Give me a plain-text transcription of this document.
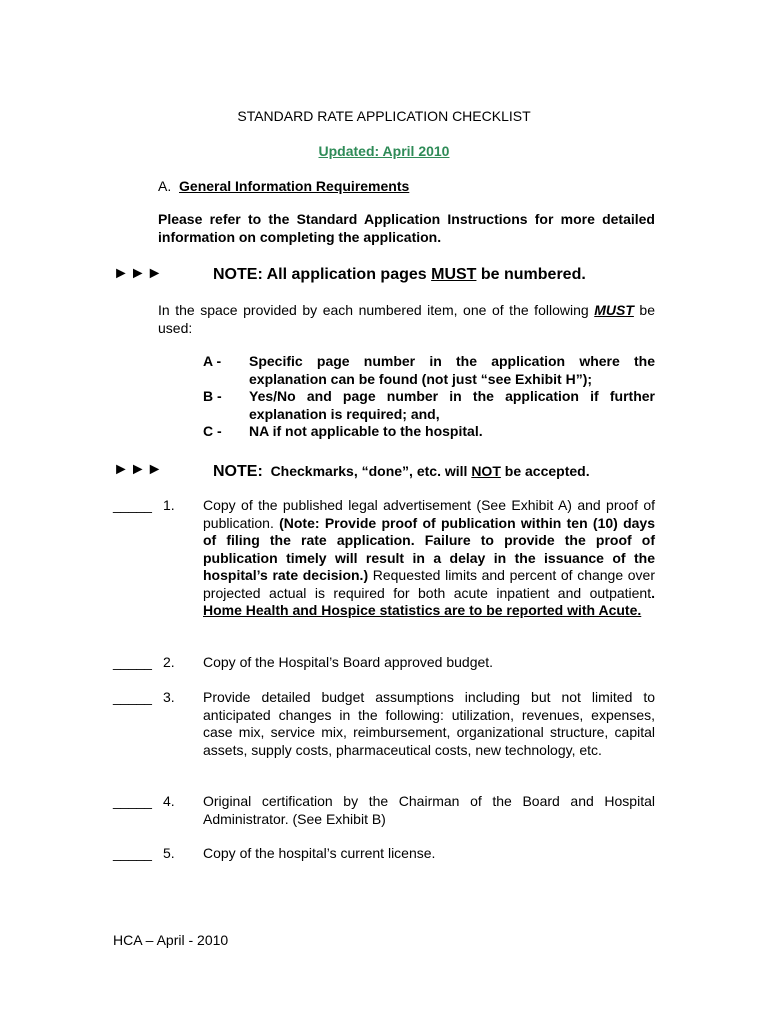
STANDARD RATE APPLICATION CHECKLIST
Updated: April 2010
A. General Information Requirements
Please refer to the Standard Application Instructions for more detailed information on completing the application.
►►►	NOTE: All application pages MUST be numbered.
In the space provided by each numbered item, one of the following MUST be used:
A - Specific page number in the application where the explanation can be found (not just “see Exhibit H”);
B - Yes/No and page number in the application if further explanation is required; and,
C - NA if not applicable to the hospital.
►►►	NOTE: Checkmarks, “done”, etc. will NOT be accepted.
_____ 1. Copy of the published legal advertisement (See Exhibit A) and proof of publication. (Note: Provide proof of publication within ten (10) days of filing the rate application. Failure to provide the proof of publication timely will result in a delay in the issuance of the hospital’s rate decision.) Requested limits and percent of change over projected actual is required for both acute inpatient and outpatient. Home Health and Hospice statistics are to be reported with Acute.
_____ 2. Copy of the Hospital’s Board approved budget.
_____ 3. Provide detailed budget assumptions including but not limited to anticipated changes in the following: utilization, revenues, expenses, case mix, service mix, reimbursement, organizational structure, capital assets, supply costs, pharmaceutical costs, new technology, etc.
_____ 4. Original certification by the Chairman of the Board and Hospital Administrator. (See Exhibit B)
_____ 5. Copy of the hospital’s current license.
HCA – April - 2010
